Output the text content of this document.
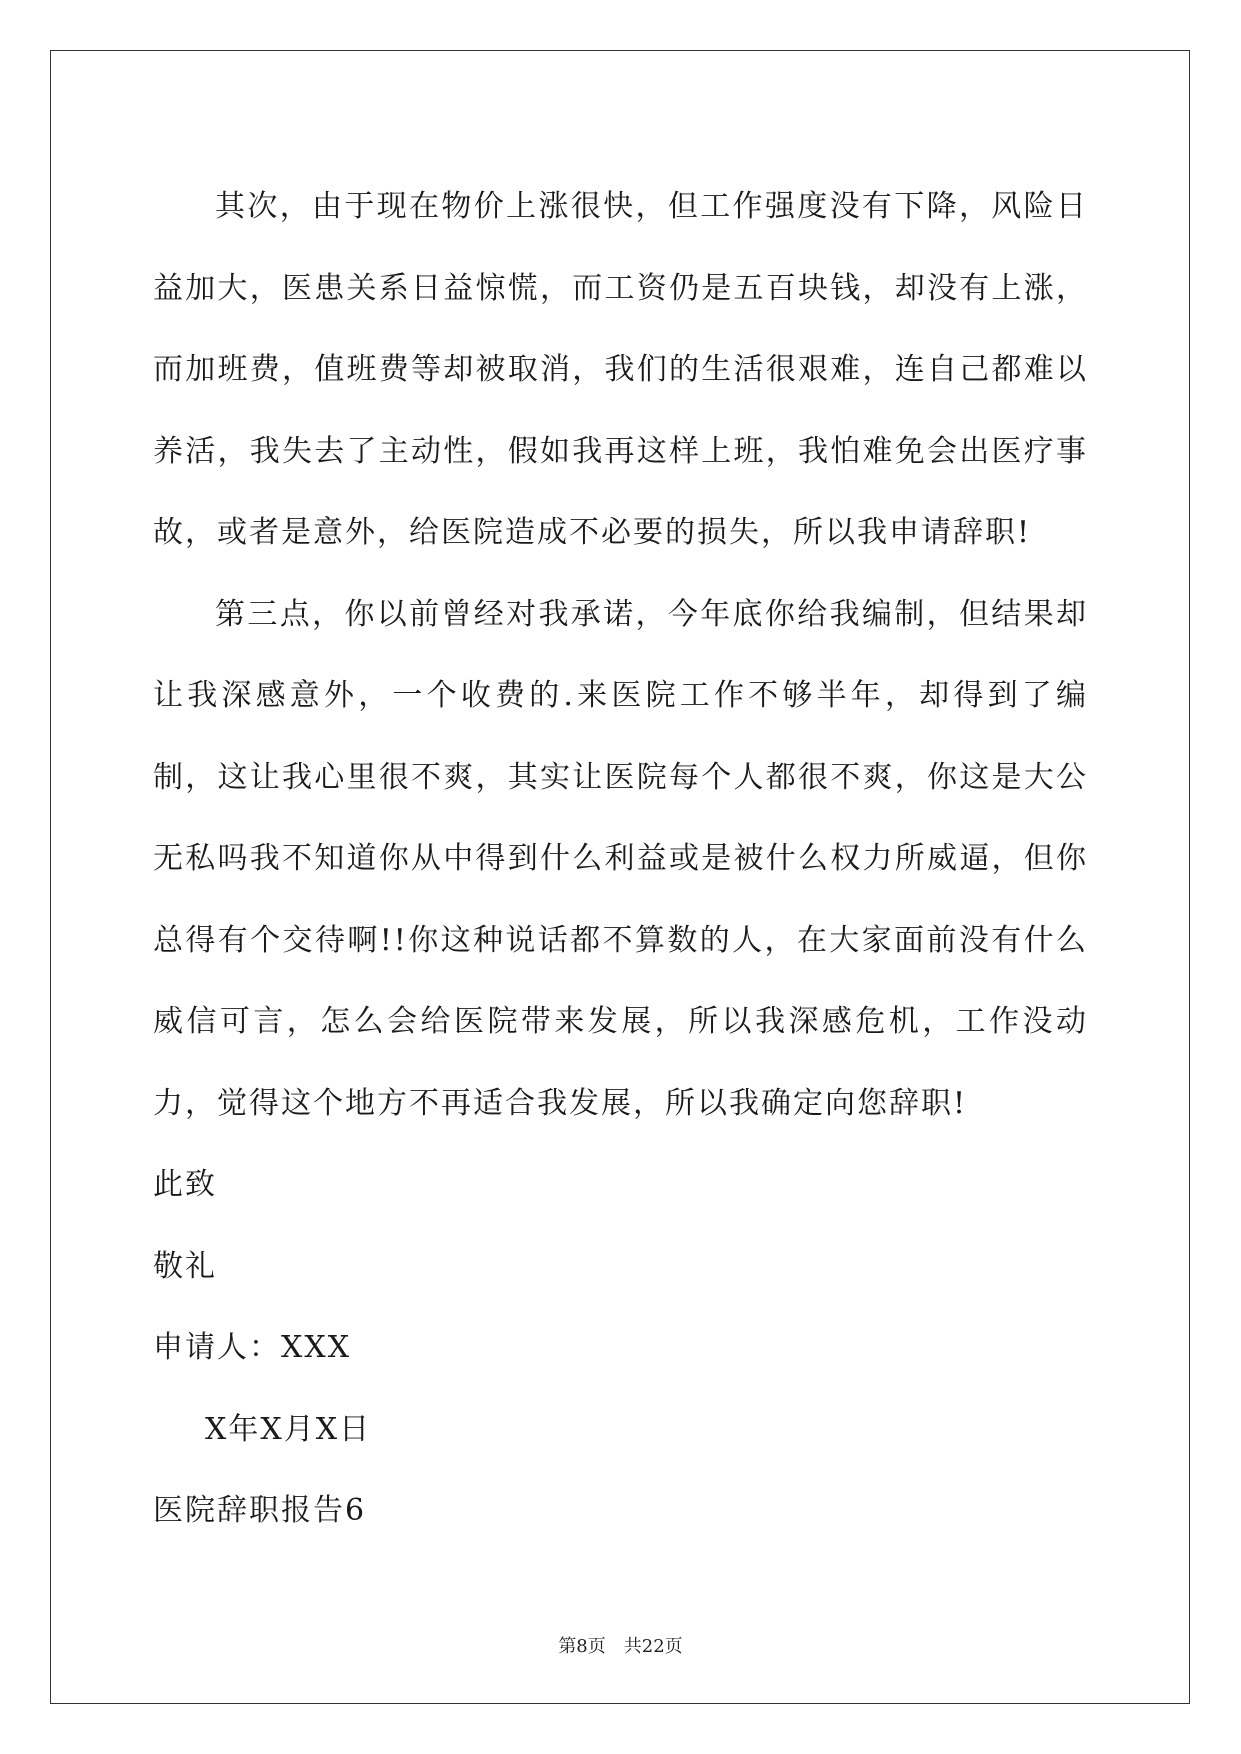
其次，由于现在物价上涨很快，但工作强度没有下降，风险日益加大，医患关系日益惊慌，而工资仍是五百块钱，却没有上涨，而加班费，值班费等却被取消，我们的生活很艰难，连自己都难以养活，我失去了主动性，假如我再这样上班，我怕难免会出医疗事故，或者是意外，给医院造成不必要的损失，所以我申请辞职!

第三点，你以前曾经对我承诺，今年底你给我编制，但结果却让我深感意外，一个收费的.来医院工作不够半年，却得到了编制，这让我心里很不爽，其实让医院每个人都很不爽，你这是大公无私吗我不知道你从中得到什么利益或是被什么权力所威逼，但你总得有个交待啊!!你这种说话都不算数的人，在大家面前没有什么威信可言，怎么会给医院带来发展，所以我深感危机，工作没动力，觉得这个地方不再适合我发展，所以我确定向您辞职!

此致

敬礼

申请人：XXX

X年X月X日

医院辞职报告6

第8页　共22页
